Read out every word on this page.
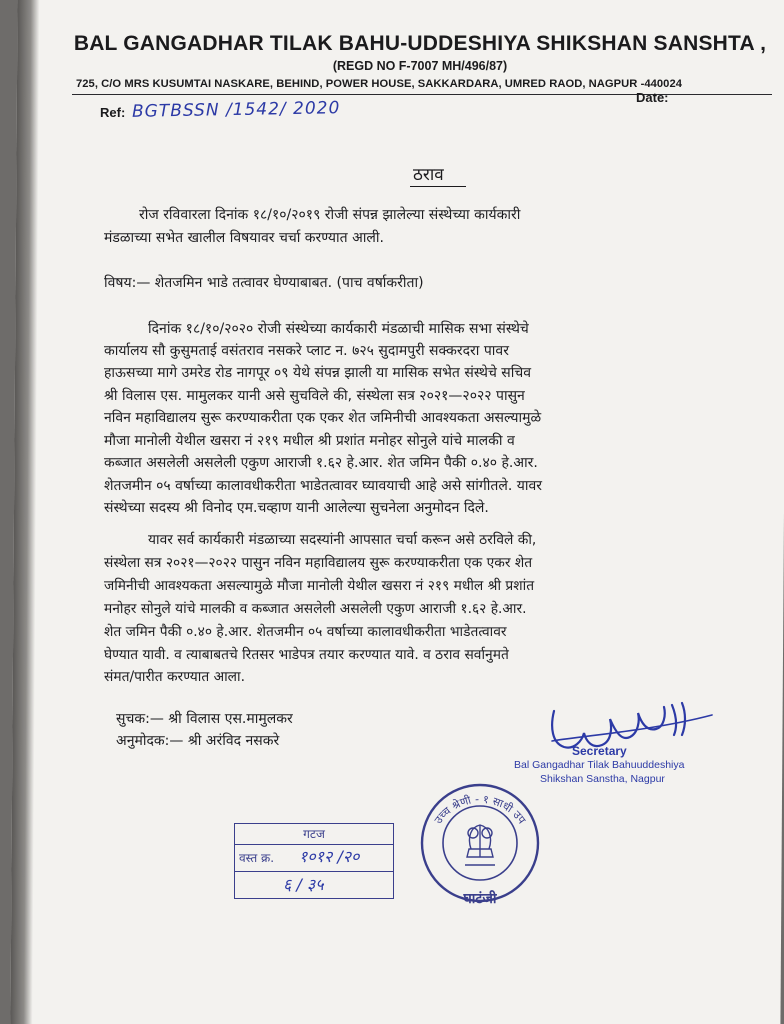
BAL GANGADHAR TILAK BAHU-UDDESHIYA SHIKSHAN SANSHTA ,
(REGD NO F-7007 MH/496/87)
725, C/O MRS KUSUMTAI NASKARE, BEHIND, POWER HOUSE, SAKKARDARA, UMRED RAOD, NAGPUR -440024
Date:
Ref: BGTBSSN /1542/ 2020
ठराव
रोज रविवारला दिनांक १८/१०/२०१९ रोजी संपन्न झालेल्या संस्थेच्या कार्यकारी
मंडळाच्या सभेत खालील विषयावर चर्चा करण्यात आली.
विषय:— शेतजमिन भाडे तत्वावर घेण्याबाबत. (पाच वर्षाकरीता)
दिनांक १८/१०/२०२० रोजी संस्थेच्या कार्यकारी मंडळाची मासिक सभा संस्थेचे
कार्यालय सौ कुसुमताई वसंतराव नसकरे प्लाट न. ७२५ सुदामपुरी सक्करदरा पावर
हाऊसच्या मागे उमरेड रोड नागपूर ०९ येथे संपन्न झाली या मासिक सभेत संस्थेचे सचिव
श्री विलास एस. मामुलकर यानी असे सुचविले की, संस्थेला सत्र २०२१—२०२२ पासुन
नविन महाविद्यालय सुरू करण्याकरीता एक एकर शेत जमिनीची आवश्यकता असल्यामुळे
मौजा मानोली येथील खसरा नं २१९ मधील श्री प्रशांत मनोहर सोनुले यांचे मालकी व
कब्जात असलेली असलेली एकुण आराजी १.६२ हे.आर. शेत जमिन पैकी ०.४० हे.आर.
शेतजमीन ०५ वर्षाच्या कालावधीकरीता भाडेतत्वावर घ्यावयाची आहे असे सांगीतले. यावर
संस्थेच्या सदस्य श्री विनोद एम.चव्हाण यानी आलेल्या सुचनेला अनुमोदन दिले.
यावर सर्व कार्यकारी मंडळाच्या सदस्यांनी आपसात चर्चा करून असे ठरविले की,
संस्थेला सत्र २०२१—२०२२ पासुन नविन महाविद्यालय सुरू करण्याकरीता एक एकर शेत
जमिनीची आवश्यकता असल्यामुळे मौजा मानोली येथील खसरा नं २१९ मधील श्री प्रशांत
मनोहर सोनुले यांचे मालकी व कब्जात असलेली असलेली एकुण आराजी १.६२ हे.आर.
शेत जमिन पैकी ०.४० हे.आर. शेतजमीन ०५ वर्षाच्या कालावधीकरीता भाडेतत्वावर
घेण्यात यावी. व त्याबाबतचे रितसर भाडेपत्र तयार करण्यात यावे. व ठराव सर्वानुमते
संमत/पारीत करण्यात आला.
सुचक:— श्री विलास एस.मामुलकर
अनुमोदक:— श्री अरंविद नसकरे
Secretary
Bal Gangadhar Tilak Bahuuddeshiya
Shikshan Sanstha, Nagpur
उच्च श्रेणी - १ साधी उप
घाटंजी
गटज
वस्त क्र. १०१२ /२०
६ / ३५
